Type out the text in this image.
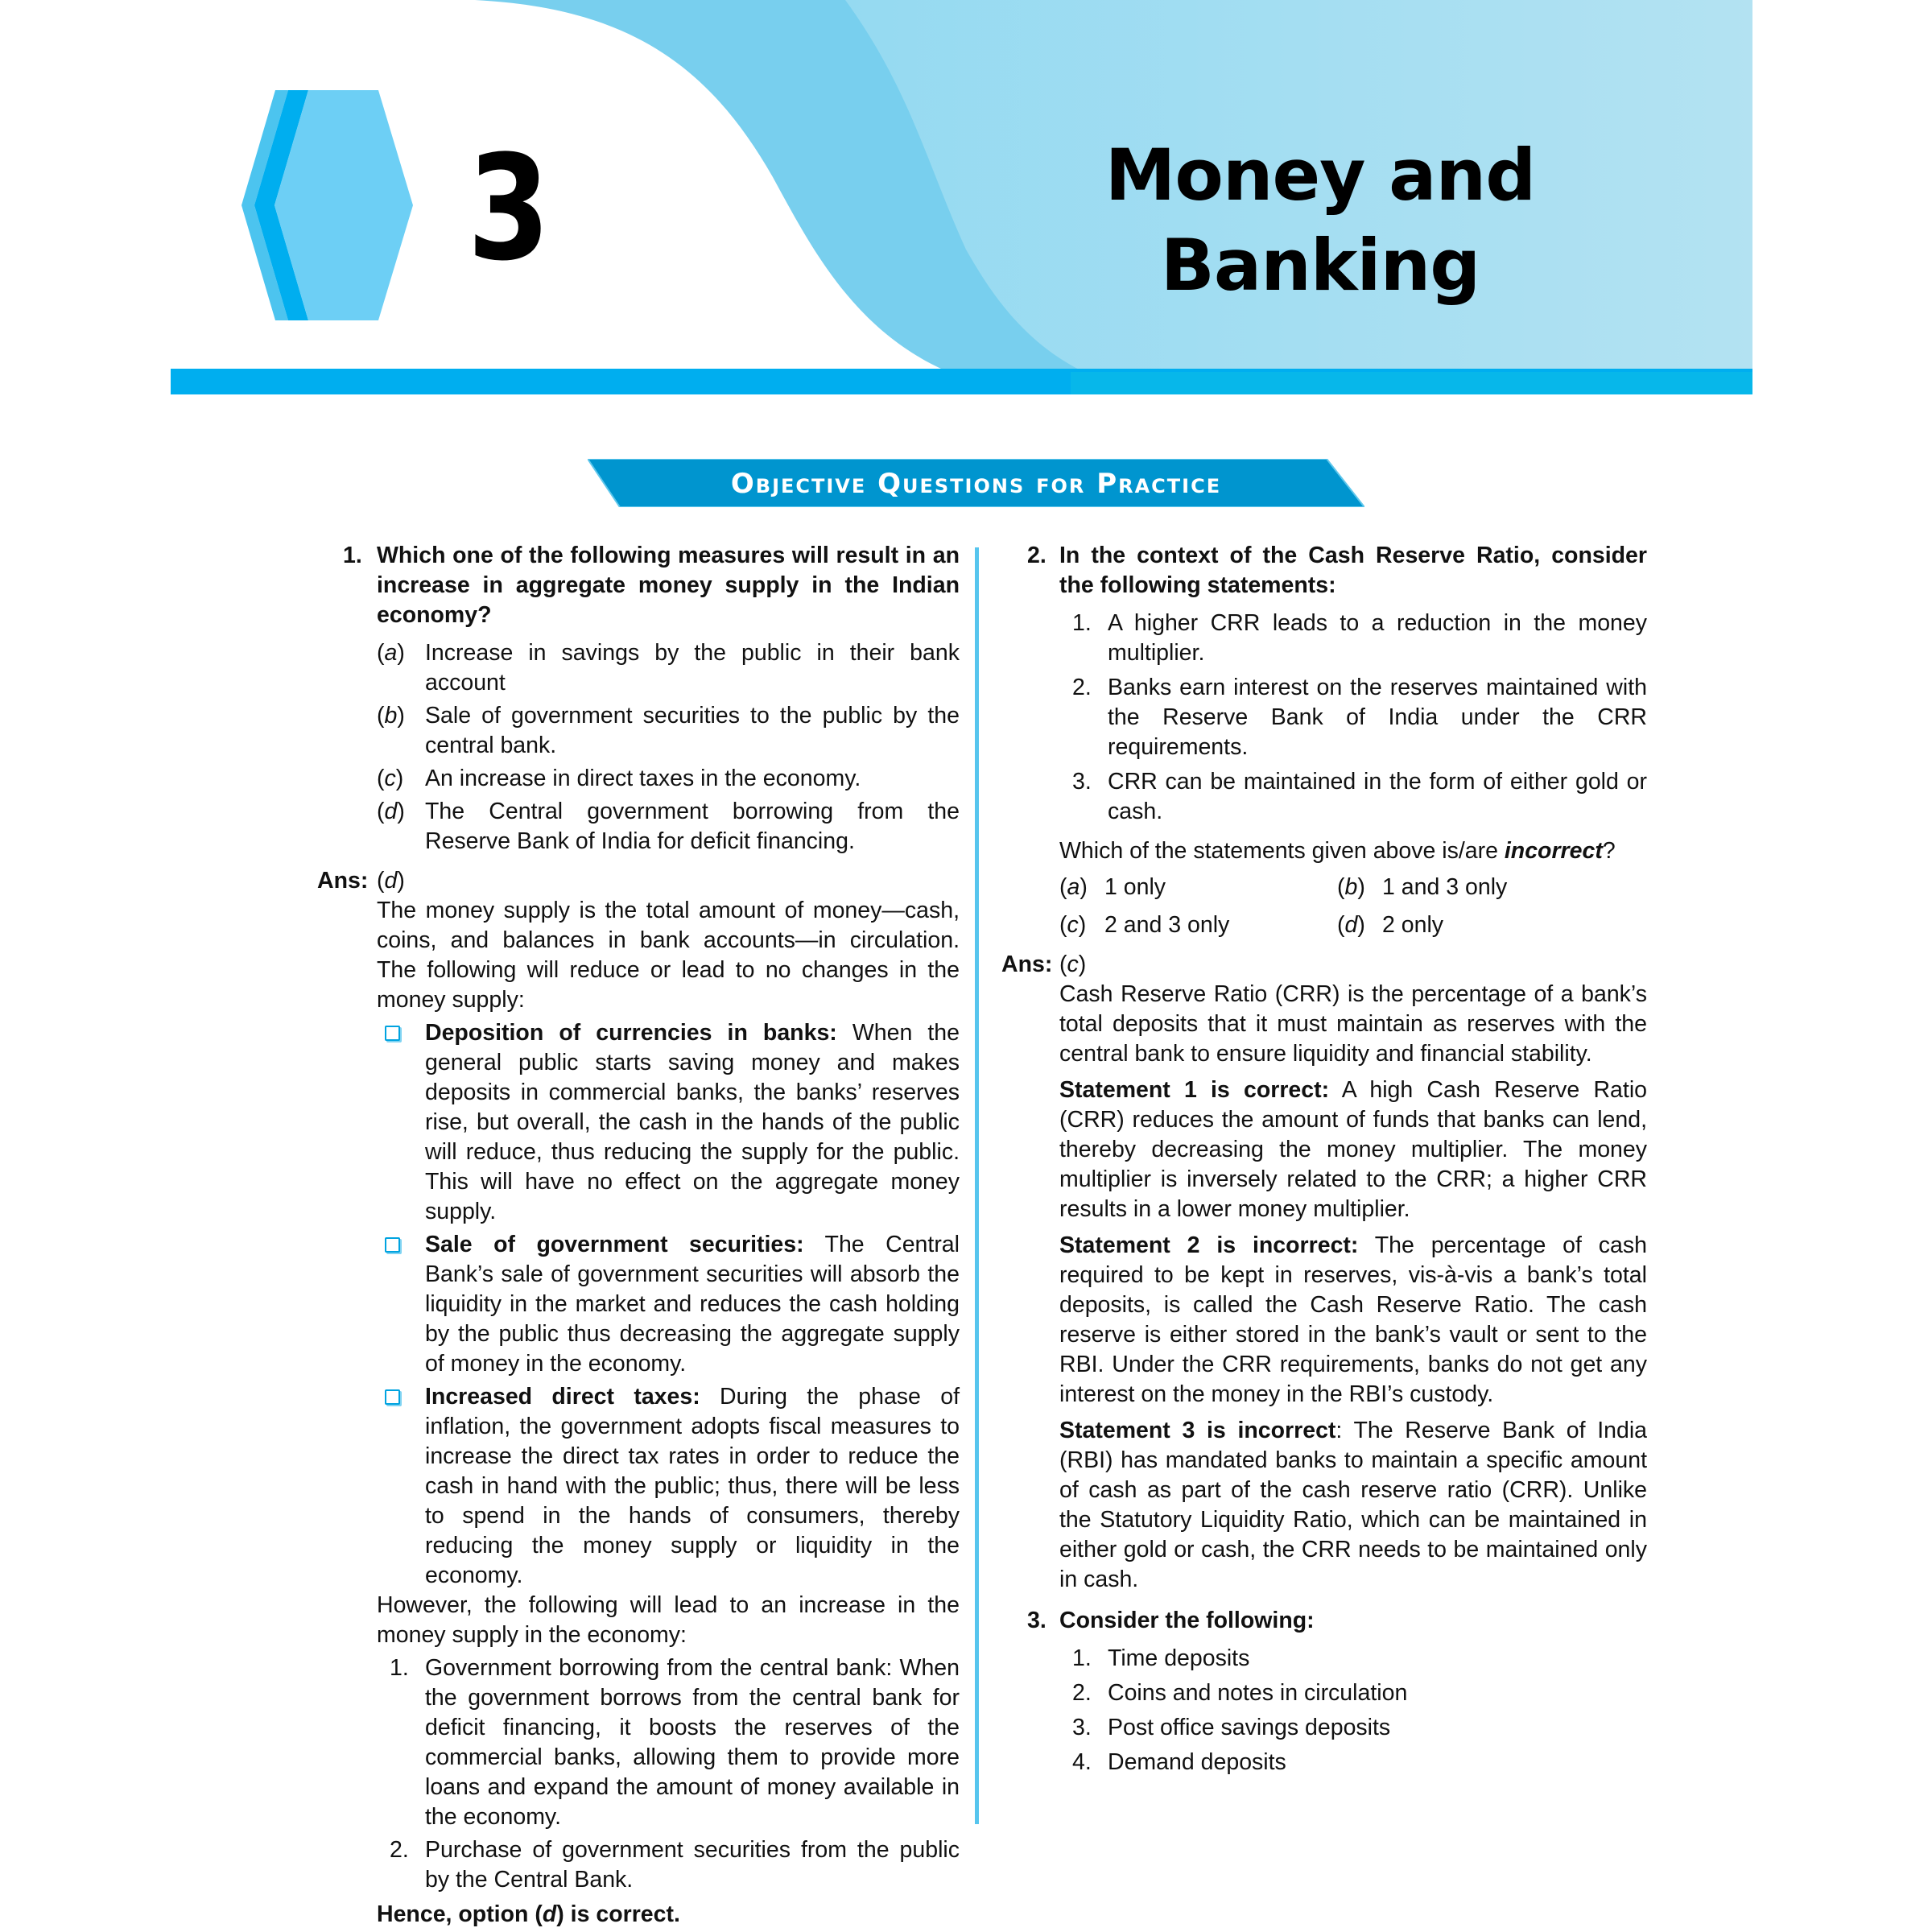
3	Money and
Banking
Objective Questions for Practice
1. Which one of the following measures will result in an increase in aggregate money supply in the Indian economy?
(a) Increase in savings by the public in their bank account
(b) Sale of government securities to the public by the central bank.
(c) An increase in direct taxes in the economy.
(d) The Central government borrowing from the Reserve Bank of India for deficit financing.
Ans: (d)
The money supply is the total amount of money—cash, coins, and balances in bank accounts—in circulation. The following will reduce or lead to no changes in the money supply:
Deposition of currencies in banks: When the general public starts saving money and makes deposits in commercial banks, the banks’ reserves rise, but overall, the cash in the hands of the public will reduce, thus reducing the supply for the public. This will have no effect on the aggregate money supply.
Sale of government securities: The Central Bank’s sale of government securities will absorb the liquidity in the market and reduces the cash holding by the public thus decreasing the aggregate supply of money in the economy.
Increased direct taxes: During the phase of inflation, the government adopts fiscal measures to increase the direct tax rates in order to reduce the cash in hand with the public; thus, there will be less to spend in the hands of consumers, thereby reducing the money supply or liquidity in the economy.
However, the following will lead to an increase in the money supply in the economy:
1. Government borrowing from the central bank: When the government borrows from the central bank for deficit financing, it boosts the reserves of the commercial banks, allowing them to provide more loans and expand the amount of money available in the economy.
2. Purchase of government securities from the public by the Central Bank.
Hence, option (d) is correct.
2. In the context of the Cash Reserve Ratio, consider the following statements:
1. A higher CRR leads to a reduction in the money multiplier.
2. Banks earn interest on the reserves maintained with the Reserve Bank of India under the CRR requirements.
3. CRR can be maintained in the form of either gold or cash.
Which of the statements given above is/are incorrect?
(a) 1 only	(b) 1 and 3 only
(c) 2 and 3 only	(d) 2 only
Ans: (c)
Cash Reserve Ratio (CRR) is the percentage of a bank’s total deposits that it must maintain as reserves with the central bank to ensure liquidity and financial stability.
Statement 1 is correct: A high Cash Reserve Ratio (CRR) reduces the amount of funds that banks can lend, thereby decreasing the money multiplier. The money multiplier is inversely related to the CRR; a higher CRR results in a lower money multiplier.
Statement 2 is incorrect: The percentage of cash required to be kept in reserves, vis-à-vis a bank’s total deposits, is called the Cash Reserve Ratio. The cash reserve is either stored in the bank’s vault or sent to the RBI. Under the CRR requirements, banks do not get any interest on the money in the RBI’s custody.
Statement 3 is incorrect: The Reserve Bank of India (RBI) has mandated banks to maintain a specific amount of cash as part of the cash reserve ratio (CRR). Unlike the Statutory Liquidity Ratio, which can be maintained in either gold or cash, the CRR needs to be maintained only in cash.
3. Consider the following:
1. Time deposits
2. Coins and notes in circulation
3. Post office savings deposits
4. Demand deposits
